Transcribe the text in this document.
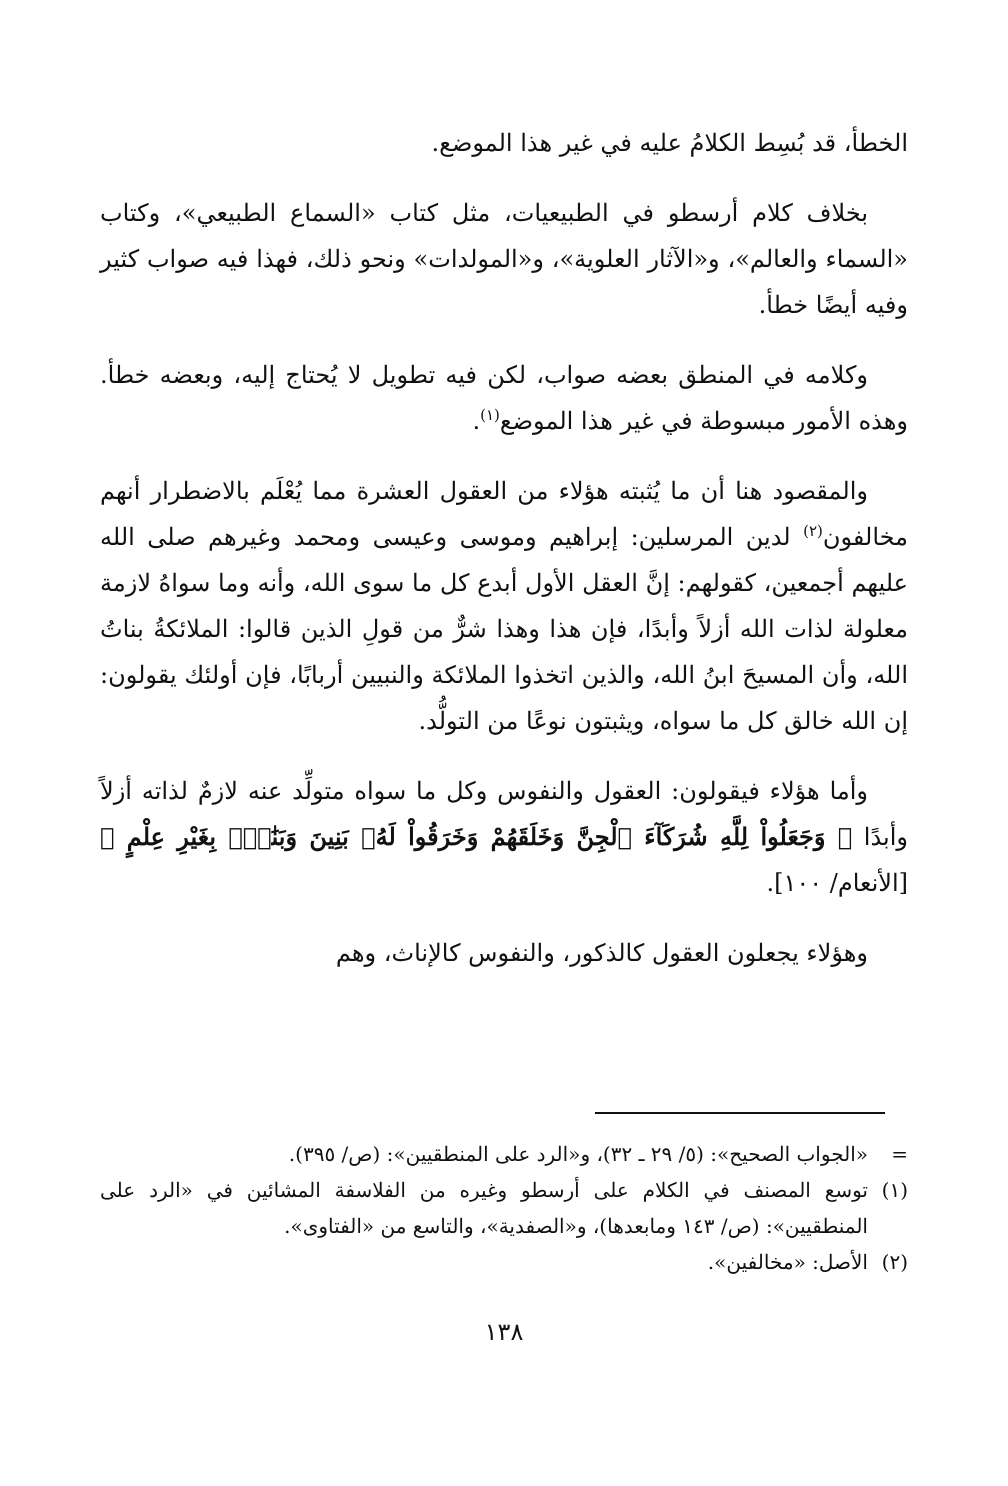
الخطأ، قد بُسِط الكلامُ عليه في غير هذا الموضع.

بخلاف كلام أرسطو في الطبيعيات، مثل كتاب «السماع الطبيعي»، وكتاب «السماء والعالم»، و«الآثار العلوية»، و«المولدات» ونحو ذلك، فهذا فيه صواب كثير وفيه أيضًا خطأ.

وكلامه في المنطق بعضه صواب، لكن فيه تطويل لا يُحتاج إليه، وبعضه خطأ. وهذه الأمور مبسوطة في غير هذا الموضع$^{(١)}$.

والمقصود هنا أن ما يُثبته هؤلاء من العقول العشرة مما يُعْلَم بالاضطرار أنهم مخالفون$^{(٢)}$ لدين المرسلين: إبراهيم وموسى وعيسى ومحمد وغيرهم صلى الله عليهم أجمعين، كقولهم: إنَّ العقل الأول أبدع كل ما سوى الله، وأنه وما سواهُ لازمة معلولة لذات الله أزلاً وأبدًا، فإن هذا وهذا شرٌّ من قولِ الذين قالوا: الملائكةُ بناتُ الله، وأن المسيحَ ابنُ الله، والذين اتخذوا الملائكة والنبيين أربابًا، فإن أولئك يقولون: إن الله خالق كل ما سواه، ويثبتون نوعًا من التولُّد.

وأما هؤلاء فيقولون: العقول والنفوس وكل ما سواه متولِّد عنه لازمٌ لذاته أزلاً وأبدًا ﴿ وَجَعَلُواْ لِلَّهِ شُرَكَآءَ ٱلْجِنَّ وَخَلَقَهُمْ وَخَرَقُواْ لَهُۥ بَنِينَ وَبَنَٰتٍۭ بِغَيْرِ عِلْمٍ ﴾ [الأنعام/ ١٠٠].

وهؤلاء يجعلون العقول كالذكور، والنفوس كالإناث، وهم

=
«الجواب الصحيح»: (٥/ ٢٩ ـ ٣٢)، و«الرد على المنطقيين»: (ص/ ٣٩٥).
(١)
توسع المصنف في الكلام على أرسطو وغيره من الفلاسفة المشائين في «الرد على المنطقيين»: (ص/ ١٤٣ ومابعدها)، و«الصفدية»، والتاسع من «الفتاوى».
(٢)
الأصل: «مخالفين».
١٣٨
